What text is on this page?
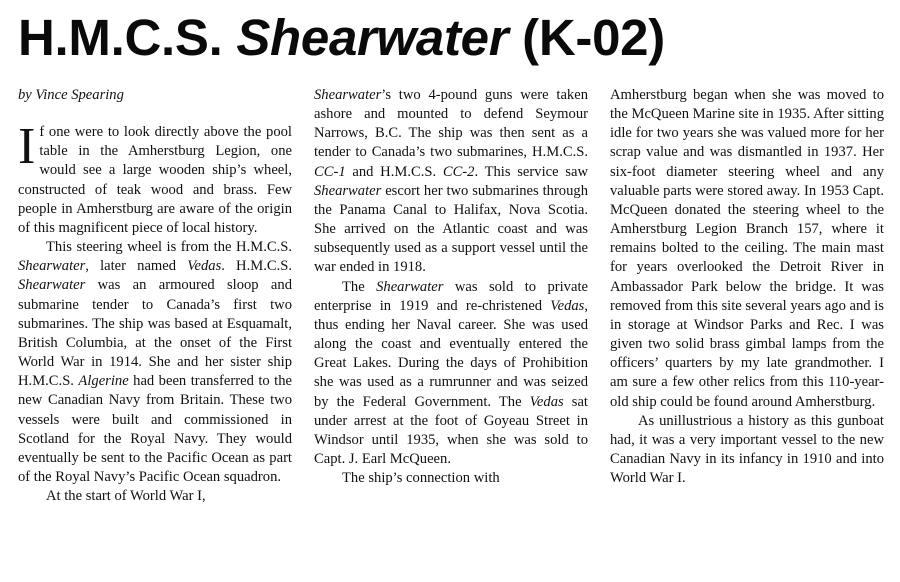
H.M.C.S. Shearwater (K-02)
by Vince Spearing

If one were to look directly above the pool table in the Amherstburg Legion, one would see a large wooden ship’s wheel, constructed of teak wood and brass. Few people in Amherstburg are aware of the origin of this magnificent piece of local history.

This steering wheel is from the H.M.C.S. Shearwater, later named Vedas. H.M.C.S. Shearwater was an armoured sloop and submarine tender to Canada’s first two submarines. The ship was based at Esquamalt, British Columbia, at the onset of the First World War in 1914. She and her sister ship H.M.C.S. Algerine had been transferred to the new Canadian Navy from Britain. These two vessels were built and commissioned in Scotland for the Royal Navy. They would eventually be sent to the Pacific Ocean as part of the Royal Navy’s Pacific Ocean squadron.

At the start of World War I,

Shearwater’s two 4-pound guns were taken ashore and mounted to defend Seymour Narrows, B.C. The ship was then sent as a tender to Canada’s two submarines, H.M.C.S. CC-1 and H.M.C.S. CC-2. This service saw Shearwater escort her two submarines through the Panama Canal to Halifax, Nova Scotia. She arrived on the Atlantic coast and was subsequently used as a support vessel until the war ended in 1918.

The Shearwater was sold to private enterprise in 1919 and re-christened Vedas, thus ending her Naval career. She was used along the coast and eventually entered the Great Lakes. During the days of Prohibition she was used as a rumrunner and was seized by the Federal Government. The Vedas sat under arrest at the foot of Goyeau Street in Windsor until 1935, when she was sold to Capt. J. Earl McQueen.

The ship’s connection with

Amherstburg began when she was moved to the McQueen Marine site in 1935. After sitting idle for two years she was valued more for her scrap value and was dismantled in 1937. Her six-foot diameter steering wheel and any valuable parts were stored away. In 1953 Capt. McQueen donated the steering wheel to the Amherstburg Legion Branch 157, where it remains bolted to the ceiling. The main mast for years overlooked the Detroit River in Ambassador Park below the bridge. It was removed from this site several years ago and is in storage at Windsor Parks and Rec. I was given two solid brass gimbal lamps from the officers’ quarters by my late grandmother. I am sure a few other relics from this 110-year-old ship could be found around Amherstburg.

As unillustrious a history as this gunboat had, it was a very important vessel to the new Canadian Navy in its infancy in 1910 and into World War I.
